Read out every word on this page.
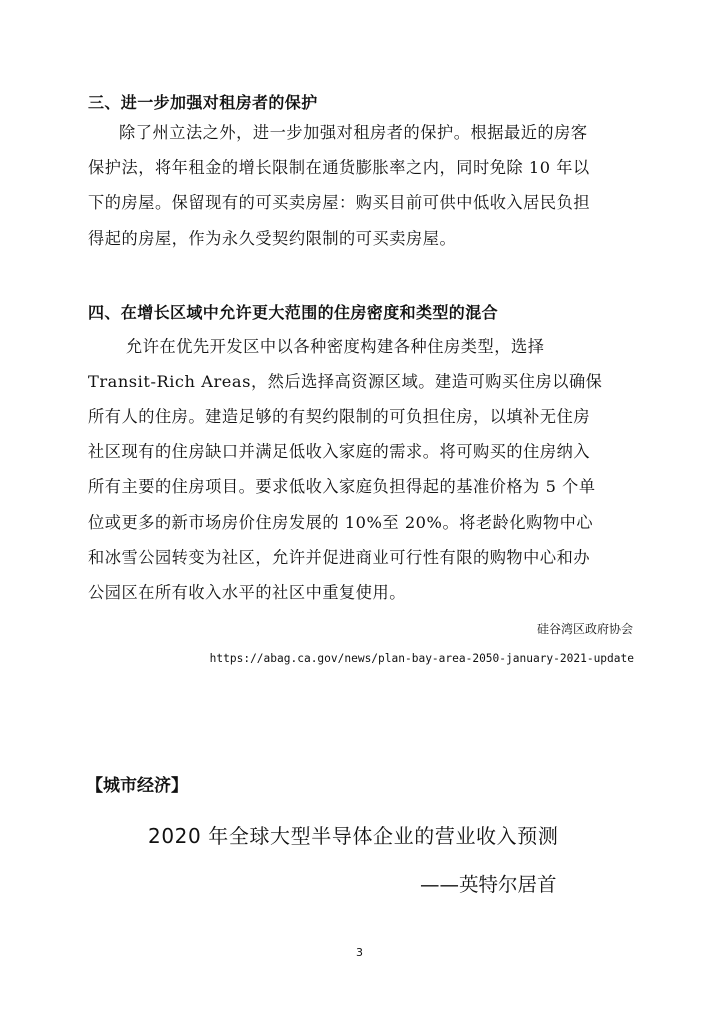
三、进一步加强对租房者的保护
除了州立法之外，进一步加强对租房者的保护。根据最近的房客
保护法，将年租金的增长限制在通货膨胀率之内，同时免除 10 年以
下的房屋。保留现有的可买卖房屋：购买目前可供中低收入居民负担
得起的房屋，作为永久受契约限制的可买卖房屋。
四、在增长区域中允许更大范围的住房密度和类型的混合
允许在优先开发区中以各种密度构建各种住房类型，选择
Transit-Rich Areas，然后选择高资源区域。建造可购买住房以确保
所有人的住房。建造足够的有契约限制的可负担住房，以填补无住房
社区现有的住房缺口并满足低收入家庭的需求。将可购买的住房纳入
所有主要的住房项目。要求低收入家庭负担得起的基准价格为 5 个单
位或更多的新市场房价住房发展的 10%至 20%。将老龄化购物中心
和冰雪公园转变为社区，允许并促进商业可行性有限的购物中心和办
公园区在所有收入水平的社区中重复使用。
硅谷湾区政府协会
https://abag.ca.gov/news/plan-bay-area-2050-january-2021-update
【城市经济】
2020 年全球大型半导体企业的营业收入预测
——英特尔居首
3
